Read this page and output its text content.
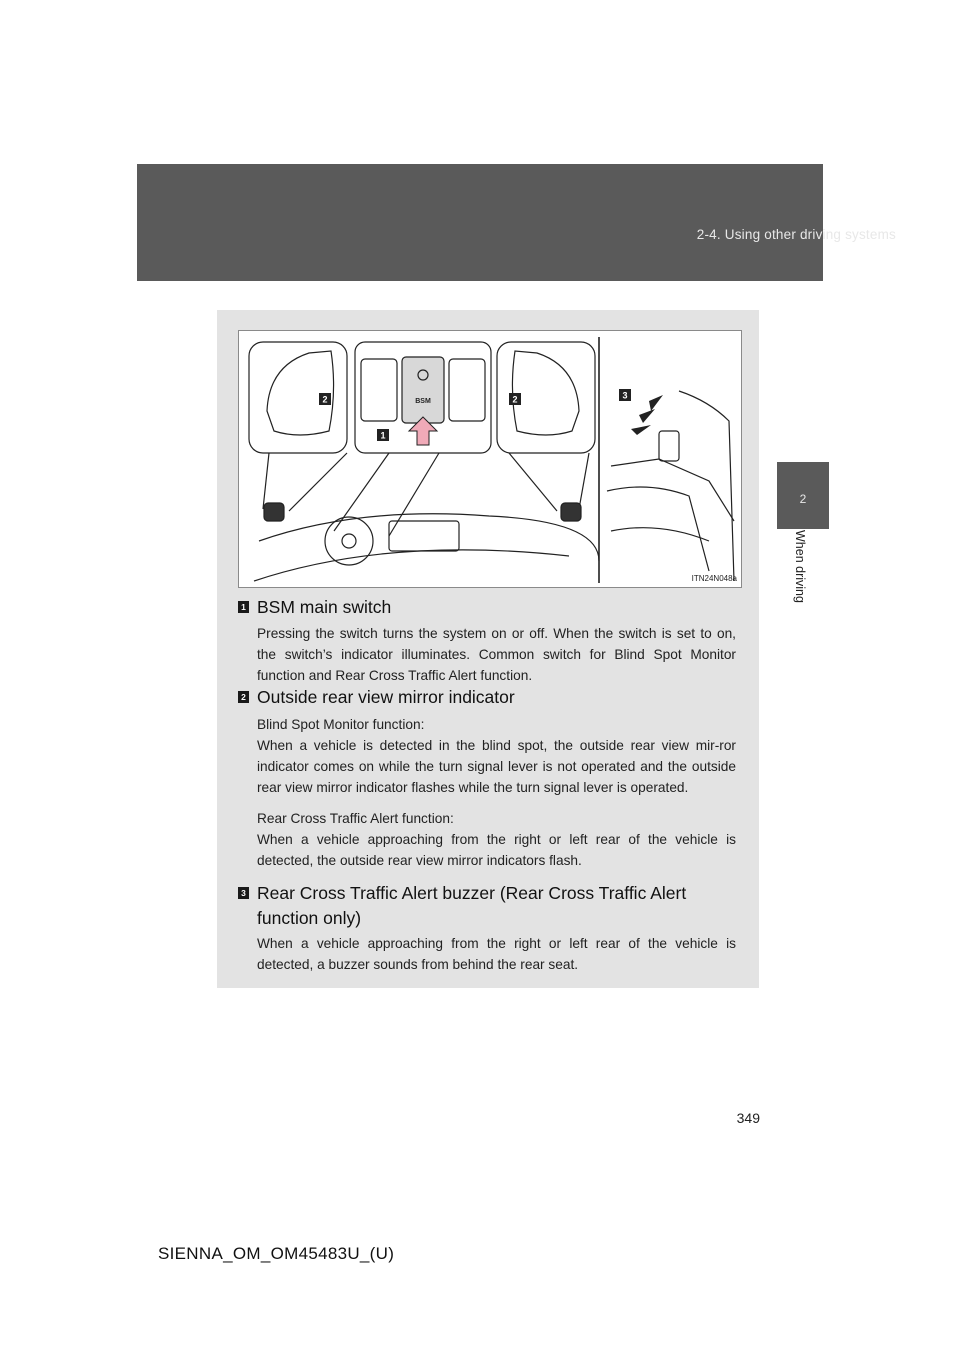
2-4. Using other driving systems
2
When driving
2
1
2	3
BSM
ITN24N048a
1 BSM main switch

Pressing the switch turns the system on or off. When the switch is set to on, the switch’s indicator illuminates. Common switch for Blind Spot Monitor function and Rear Cross Traffic Alert function.

2 Outside rear view mirror indicator

Blind Spot Monitor function:
When a vehicle is detected in the blind spot, the outside rear view mir-ror indicator comes on while the turn signal lever is not operated and the outside rear view mirror indicator flashes while the turn signal lever is operated.

Rear Cross Traffic Alert function:
When a vehicle approaching from the right or left rear of the vehicle is detected, the outside rear view mirror indicators flash.

3 Rear Cross Traffic Alert buzzer (Rear Cross Traffic Alert function only)

When a vehicle approaching from the right or left rear of the vehicle is detected, a buzzer sounds from behind the rear seat.

349
SIENNA_OM_OM45483U_(U)
